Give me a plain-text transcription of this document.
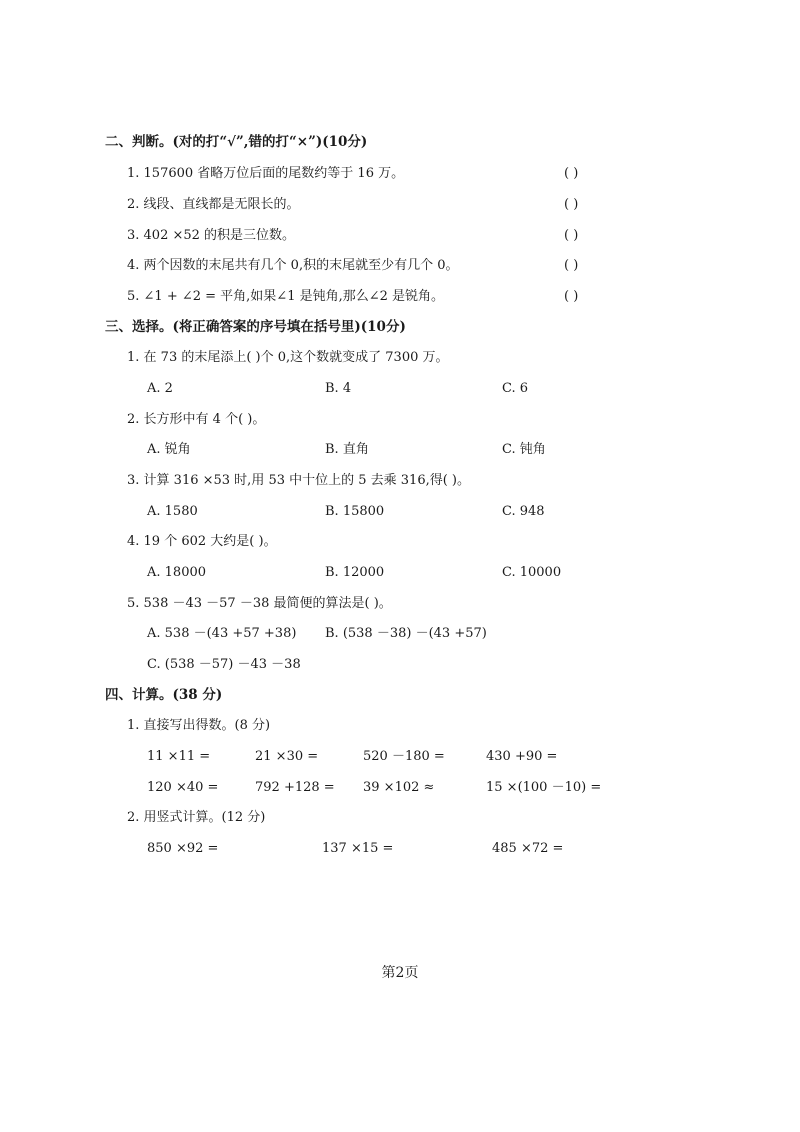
二、判断。(对的打“√”,错的打“×”)(10分)
1. 157600 省略万位后面的尾数约等于 16 万。	( )
2. 线段、直线都是无限长的。	( )
3. 402 ×52 的积是三位数。	( )
4. 两个因数的末尾共有几个 0,积的末尾就至少有几个 0。	( )
5. ∠1 + ∠2 = 平角,如果∠1 是钝角,那么∠2 是锐角。	( )
三、选择。(将正确答案的序号填在括号里)(10分)
1. 在 73 的末尾添上( )个 0,这个数就变成了 7300 万。
A. 2	B. 4	C. 6
2. 长方形中有 4 个( )。
A. 锐角	B. 直角	C. 钝角
3. 计算 316 ×53 时,用 53 中十位上的 5 去乘 316,得( )。
A. 1580	B. 15800	C. 948
4. 19 个 602 大约是( )。
A. 18000	B. 12000	C. 10000
5. 538 －43 －57 －38 最简便的算法是( )。
A. 538 －(43 +57 +38) B. (538 －38) －(43 +57)
C. (538 －57) －43 －38
四、计算。(38 分)
1. 直接写出得数。(8 分)
11 ×11 =	21 ×30 =	520 －180 =	430 +90 =
120 ×40 =	792 +128 = 39 ×102 ≈	15 ×(100 －10) =
2. 用竖式计算。(12 分)
850 ×92 =	137 ×15 =	485 ×72 =
第2页
